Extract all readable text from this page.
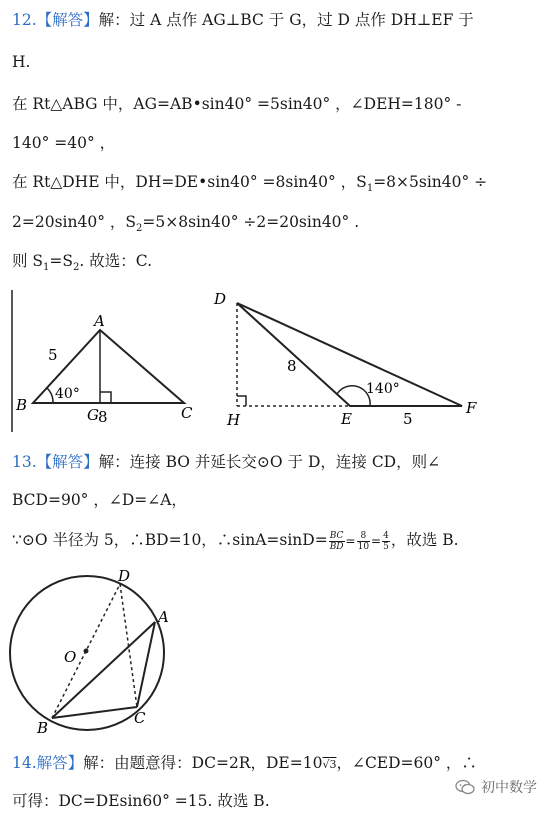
12.【解答】解：过 A 点作 AG⊥BC 于 G，过 D 点作 DH⊥EF 于
H.
在 Rt△ABG 中，AG=AB•sin40° =5sin40° ，∠DEH=180° -
140° =40° ，
在 Rt△DHE 中，DH=DE•sin40° =8sin40° ，$S_1=8\times 5\sin 40^\circ$ ÷
2=20sin40° ，$S_2=5\times 8\sin 40^\circ \div 2=20\sin 40^\circ$ .
则 $S_1=S_2$. 故选：C.
A
B	C
G 8
5
40°
D
H	E
F
8
5
140°
13.【解答】解：连接 BO 并延长交⊙O 于 D，连接 CD，则∠
BCD=90° ，∠D=∠A，
∵⊙O 半径为 5，∴BD=10，∴sinA=sinD= $\frac{BC}{BD} = \frac{8}{10} = \frac{4}{5}$ ，故选 B.
D
A
O
B
C
14.解答】解：由题意得：DC=2R，DE=10√3，∠CED=60° ，∴
可得：DC=DEsin60° =15. 故选 B.
初中数学
